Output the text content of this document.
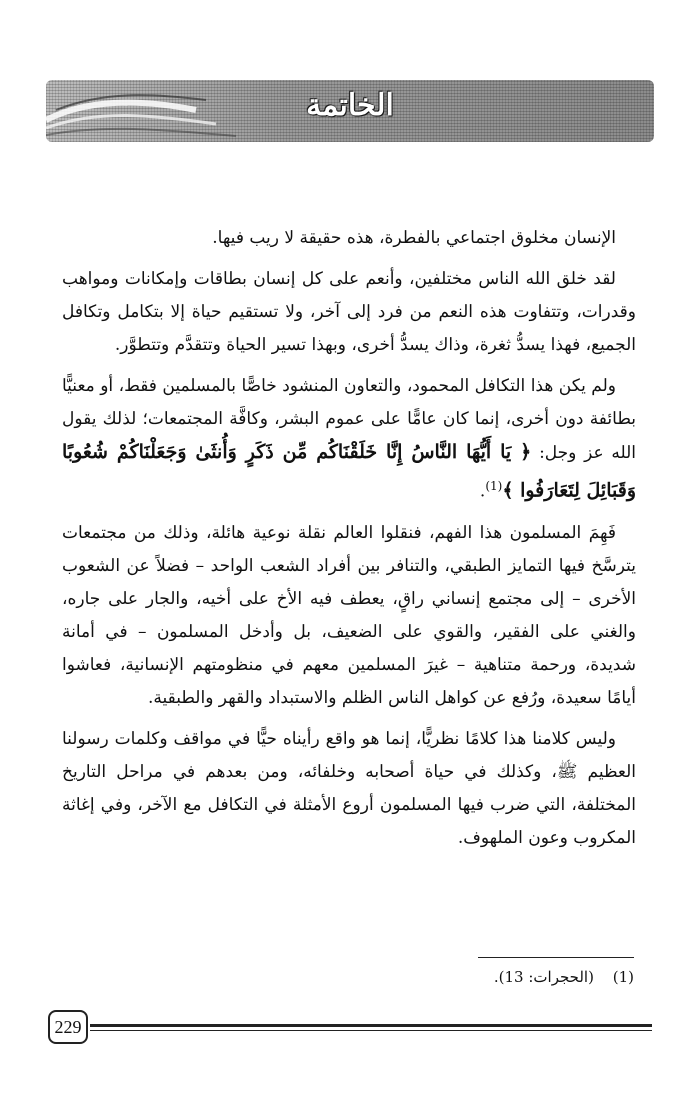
الخاتمة

الإنسان مخلوق اجتماعي بالفطرة، هذه حقيقة لا ريب فيها.

لقد خلق الله الناس مختلفين، وأنعم على كل إنسان بطاقات وإمكانات ومواهب وقدرات، وتتفاوت هذه النعم من فرد إلى آخر، ولا تستقيم حياة إلا بتكامل وتكافل الجميع، فهذا يسدُّ ثغرة، وذاك يسدُّ أخرى، وبهذا تسير الحياة وتتقدَّم وتتطوَّر.

ولم يكن هذا التكافل المحمود، والتعاون المنشود خاصًّا بالمسلمين فقط، أو معنيًّا بطائفة دون أخرى، إنما كان عامًّا على عموم البشر، وكافَّة المجتمعات؛ لذلك يقول الله عز وجل: ﴿ يَا أَيُّهَا النَّاسُ إِنَّا خَلَقْنَاكُم مِّن ذَكَرٍ وَأُنثَىٰ وَجَعَلْنَاكُمْ شُعُوبًا وَقَبَائِلَ لِتَعَارَفُوا ﴾$^{(1)}$.

فَهِمَ المسلمون هذا الفهم، فنقلوا العالم نقلة نوعية هائلة، وذلك من مجتمعات يترسَّخ فيها التمايز الطبقي، والتنافر بين أفراد الشعب الواحد – فضلاً عن الشعوب الأخرى – إلى مجتمع إنساني راقٍ، يعطف فيه الأخ على أخيه، والجار على جاره، والغني على الفقير، والقوي على الضعيف، بل وأدخل المسلمون – في أمانة شديدة، ورحمة متناهية – غيرَ المسلمين معهم في منظومتهم الإنسانية، فعاشوا أيامًا سعيدة، ورُفع عن كواهل الناس الظلم والاستبداد والقهر والطبقية.

وليس كلامنا هذا كلامًا نظريًّا، إنما هو واقع رأيناه حيًّا في مواقف وكلمات رسولنا العظيم ﷺ، وكذلك في حياة أصحابه وخلفائه، ومن بعدهم في مراحل التاريخ المختلفة، التي ضرب فيها المسلمون أروع الأمثلة في التكافل مع الآخر، وفي إغاثة المكروب وعون الملهوف.

(1) (الحجرات: 13).
229
